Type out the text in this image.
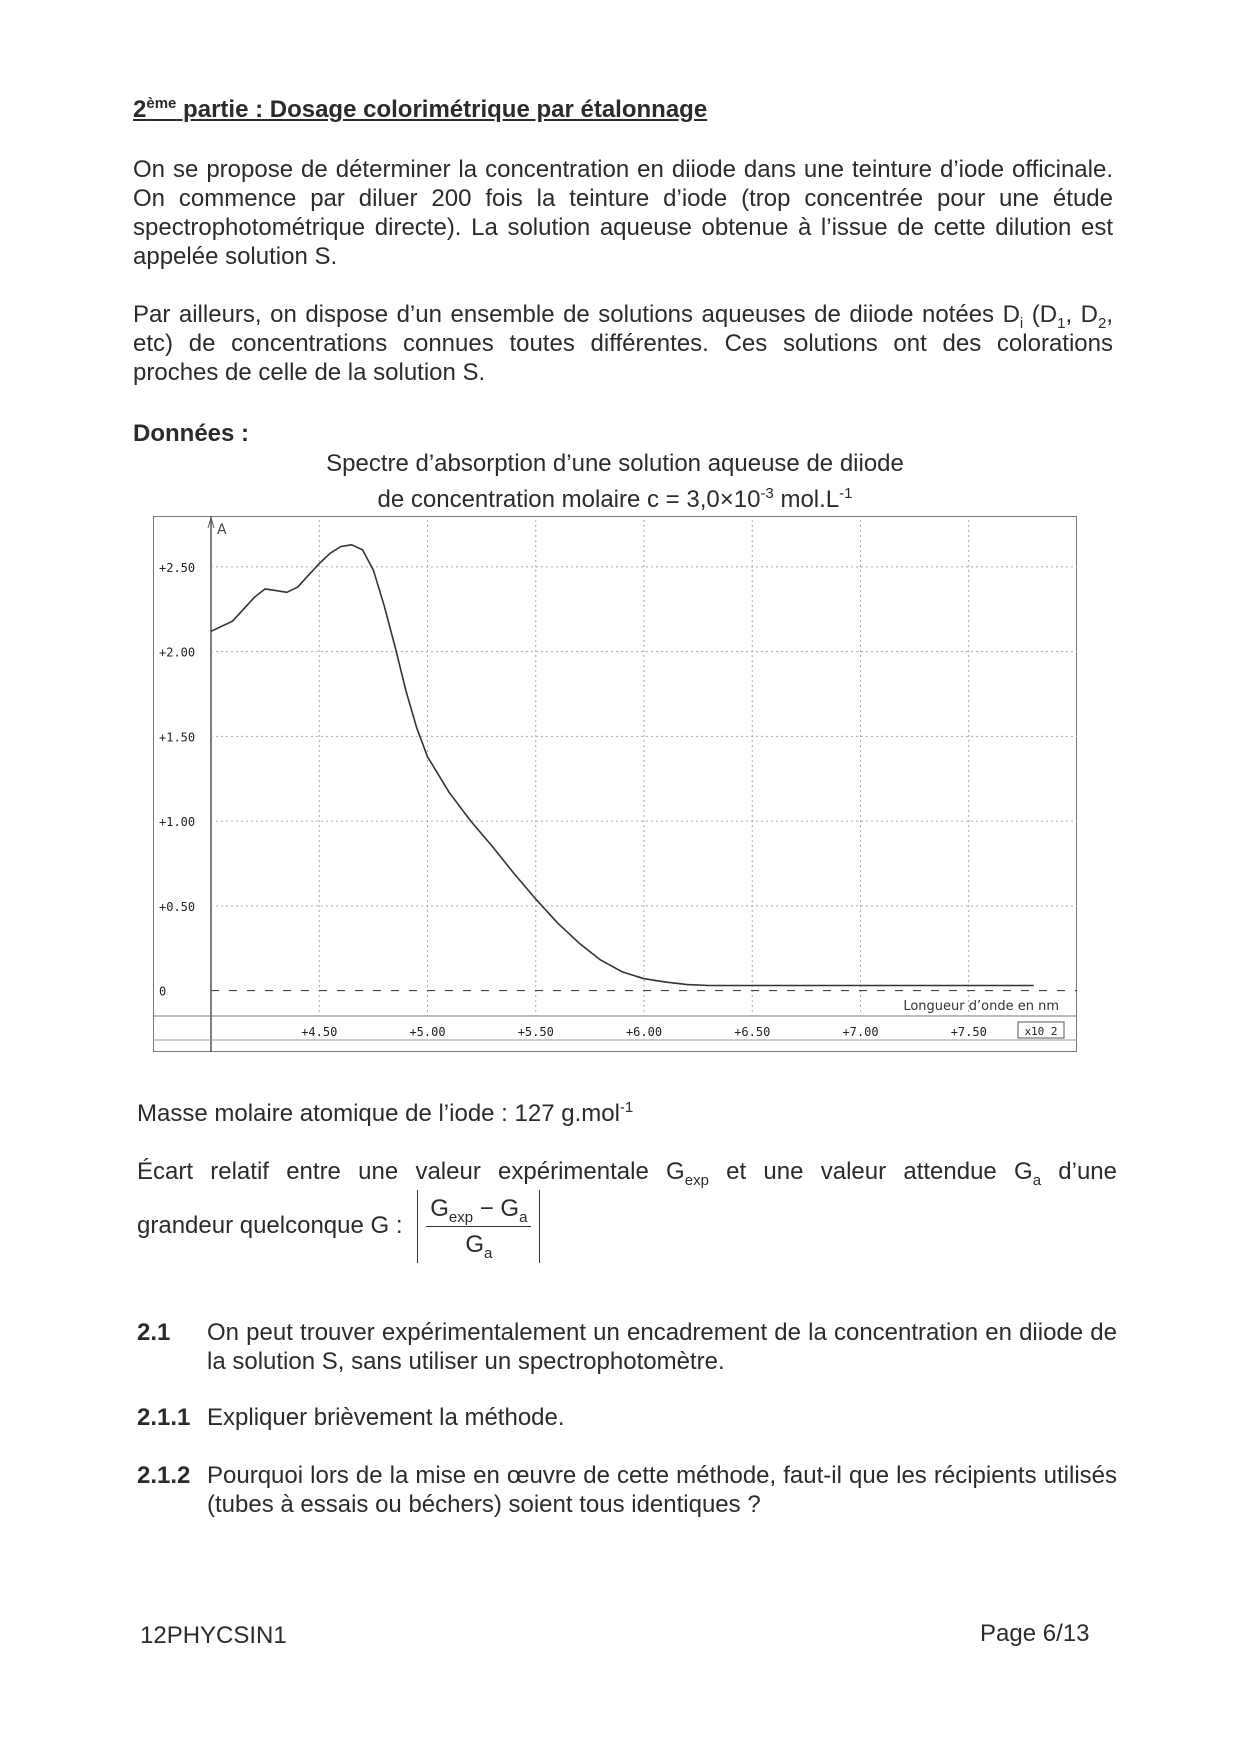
2ème partie : Dosage colorimétrique par étalonnage

On se propose de déterminer la concentration en diiode dans une teinture d’iode officinale. On commence par diluer 200 fois la teinture d’iode (trop concentrée pour une étude spectrophotométrique directe). La solution aqueuse obtenue à l’issue de cette dilution est appelée solution S.

Par ailleurs, on dispose d’un ensemble de solutions aqueuses de diiode notées $D_i$ ($D_1$, $D_2$, etc) de concentrations connues toutes différentes. Ces solutions ont des colorations proches de celle de la solution S.

Données :
Spectre d’absorption d’une solution aqueuse de diiode
de concentration molaire $c = 3,0\times 10^{-3}$ $mol.L^{-1}$
+4.50	+5.00	+5.50	+6.00	+6.50	+7.00	+7.50
+2.50
+2.00
+1.50
+1.00
+0.50
0
A
Longueur d’onde en nm
x10 2
Masse molaire atomique de l’iode : 127 g.mol$^{-1}$
Écart relatif entre une valeur expérimentale $G_{exp}$ et une valeur attendue $G_a$ d’une
grandeur quelconque G : $\frac{G_{exp} - G_a}{G_a}$
2.1	On peut trouver expérimentalement un encadrement de la concentration en diiode de la solution S, sans utiliser un spectrophotomètre.
2.1.1 Expliquer brièvement la méthode.
2.1.2 Pourquoi lors de la mise en œuvre de cette méthode, faut-il que les récipients utilisés (tubes à essais ou béchers) soient tous identiques ?
12PHYCSIN1	Page 6/13
